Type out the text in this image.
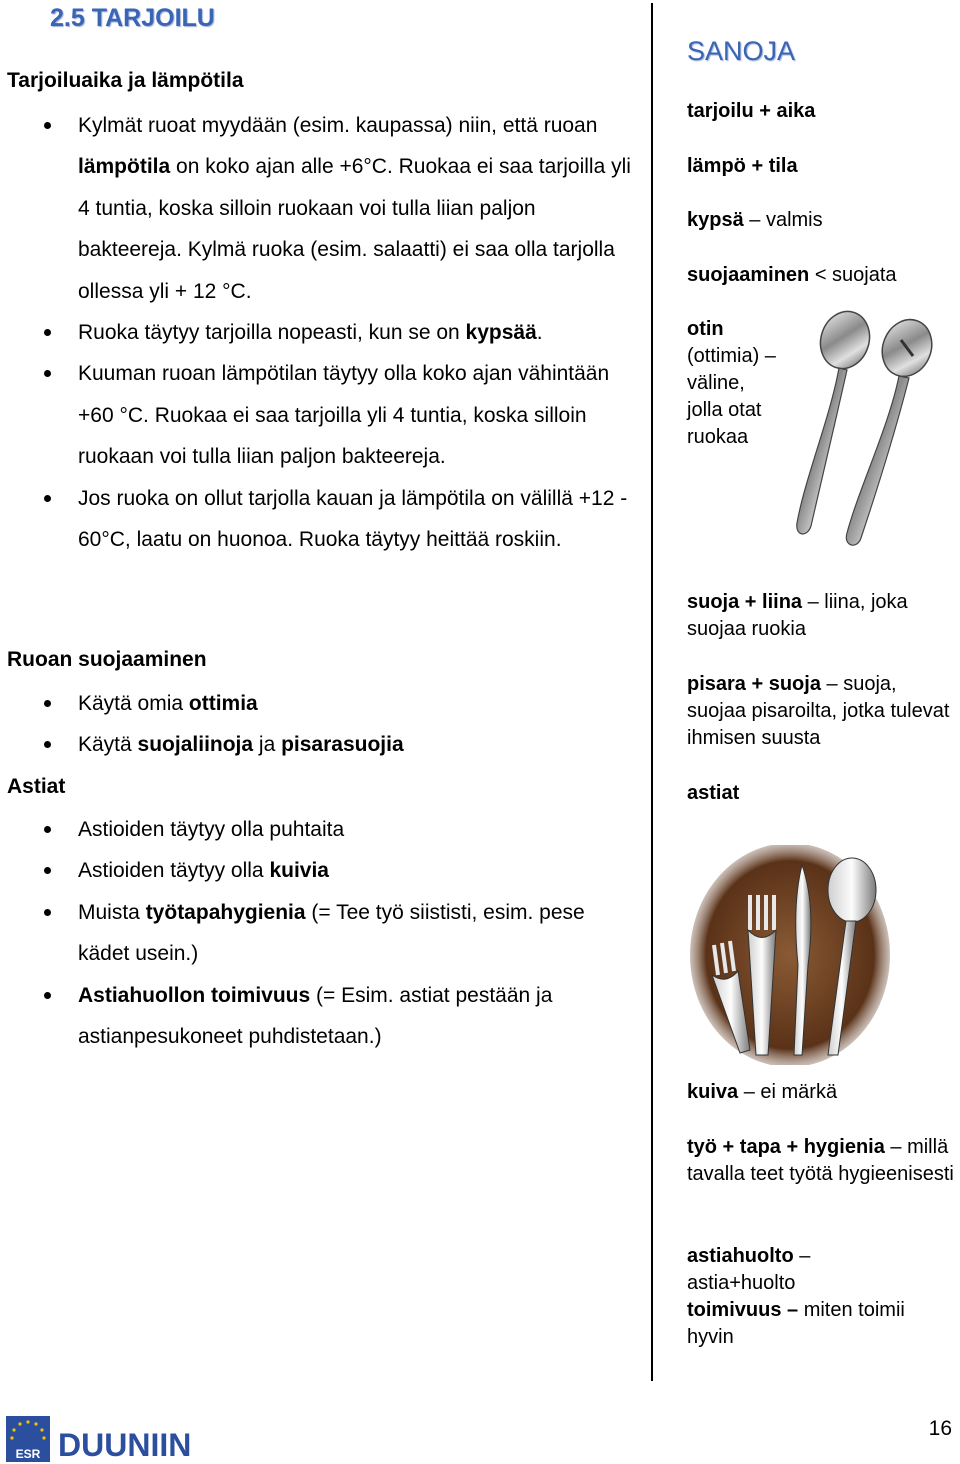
2.5 TARJOILU
Tarjoiluaika ja lämpötila
Kylmät ruoat myydään (esim. kaupassa) niin, että ruoan lämpötila on koko ajan alle +6°C. Ruokaa ei saa tarjoilla yli 4 tuntia, koska silloin ruokaan voi tulla liian paljon bakteereja. Kylmä ruoka (esim. salaatti) ei saa olla tarjolla ollessa yli + 12 °C.
Ruoka täytyy tarjoilla nopeasti, kun se on kypsää.
Kuuman ruoan lämpötilan täytyy olla koko ajan vähintään +60 °C. Ruokaa ei saa tarjoilla yli 4 tuntia, koska silloin ruokaan voi tulla liian paljon bakteereja.
Jos ruoka on ollut tarjolla kauan ja lämpötila on välillä +12 - 60°C, laatu on huonoa. Ruoka täytyy heittää roskiin.
Ruoan suojaaminen
Käytä omia ottimia
Käytä suojaliinoja ja pisarasuojia
Astiat
Astioiden täytyy olla puhtaita
Astioiden täytyy olla kuivia
Muista työtapahygienia (= Tee työ siististi, esim. pese kädet usein.)
Astiahuollon toimivuus (= Esim. astiat pestään ja astianpesukoneet puhdistetaan.)
SANOJA

tarjoilu + aika

lämpö + tila

kypsä – valmis

suojaaminen < suojata

otin
(ottimia) –
väline,
jolla otat
ruokaa

suoja + liina – liina, joka suojaa ruokia

pisara + suoja – suoja, suojaa pisaroilta, jotka tulevat ihmisen suusta

astiat

kuiva – ei märkä

työ + tapa + hygienia – millä tavalla teet työtä hygieenisesti

astiahuolto –
astia+huolto
toimivuus – miten toimii hyvin

ESR DUUNIIN	16
